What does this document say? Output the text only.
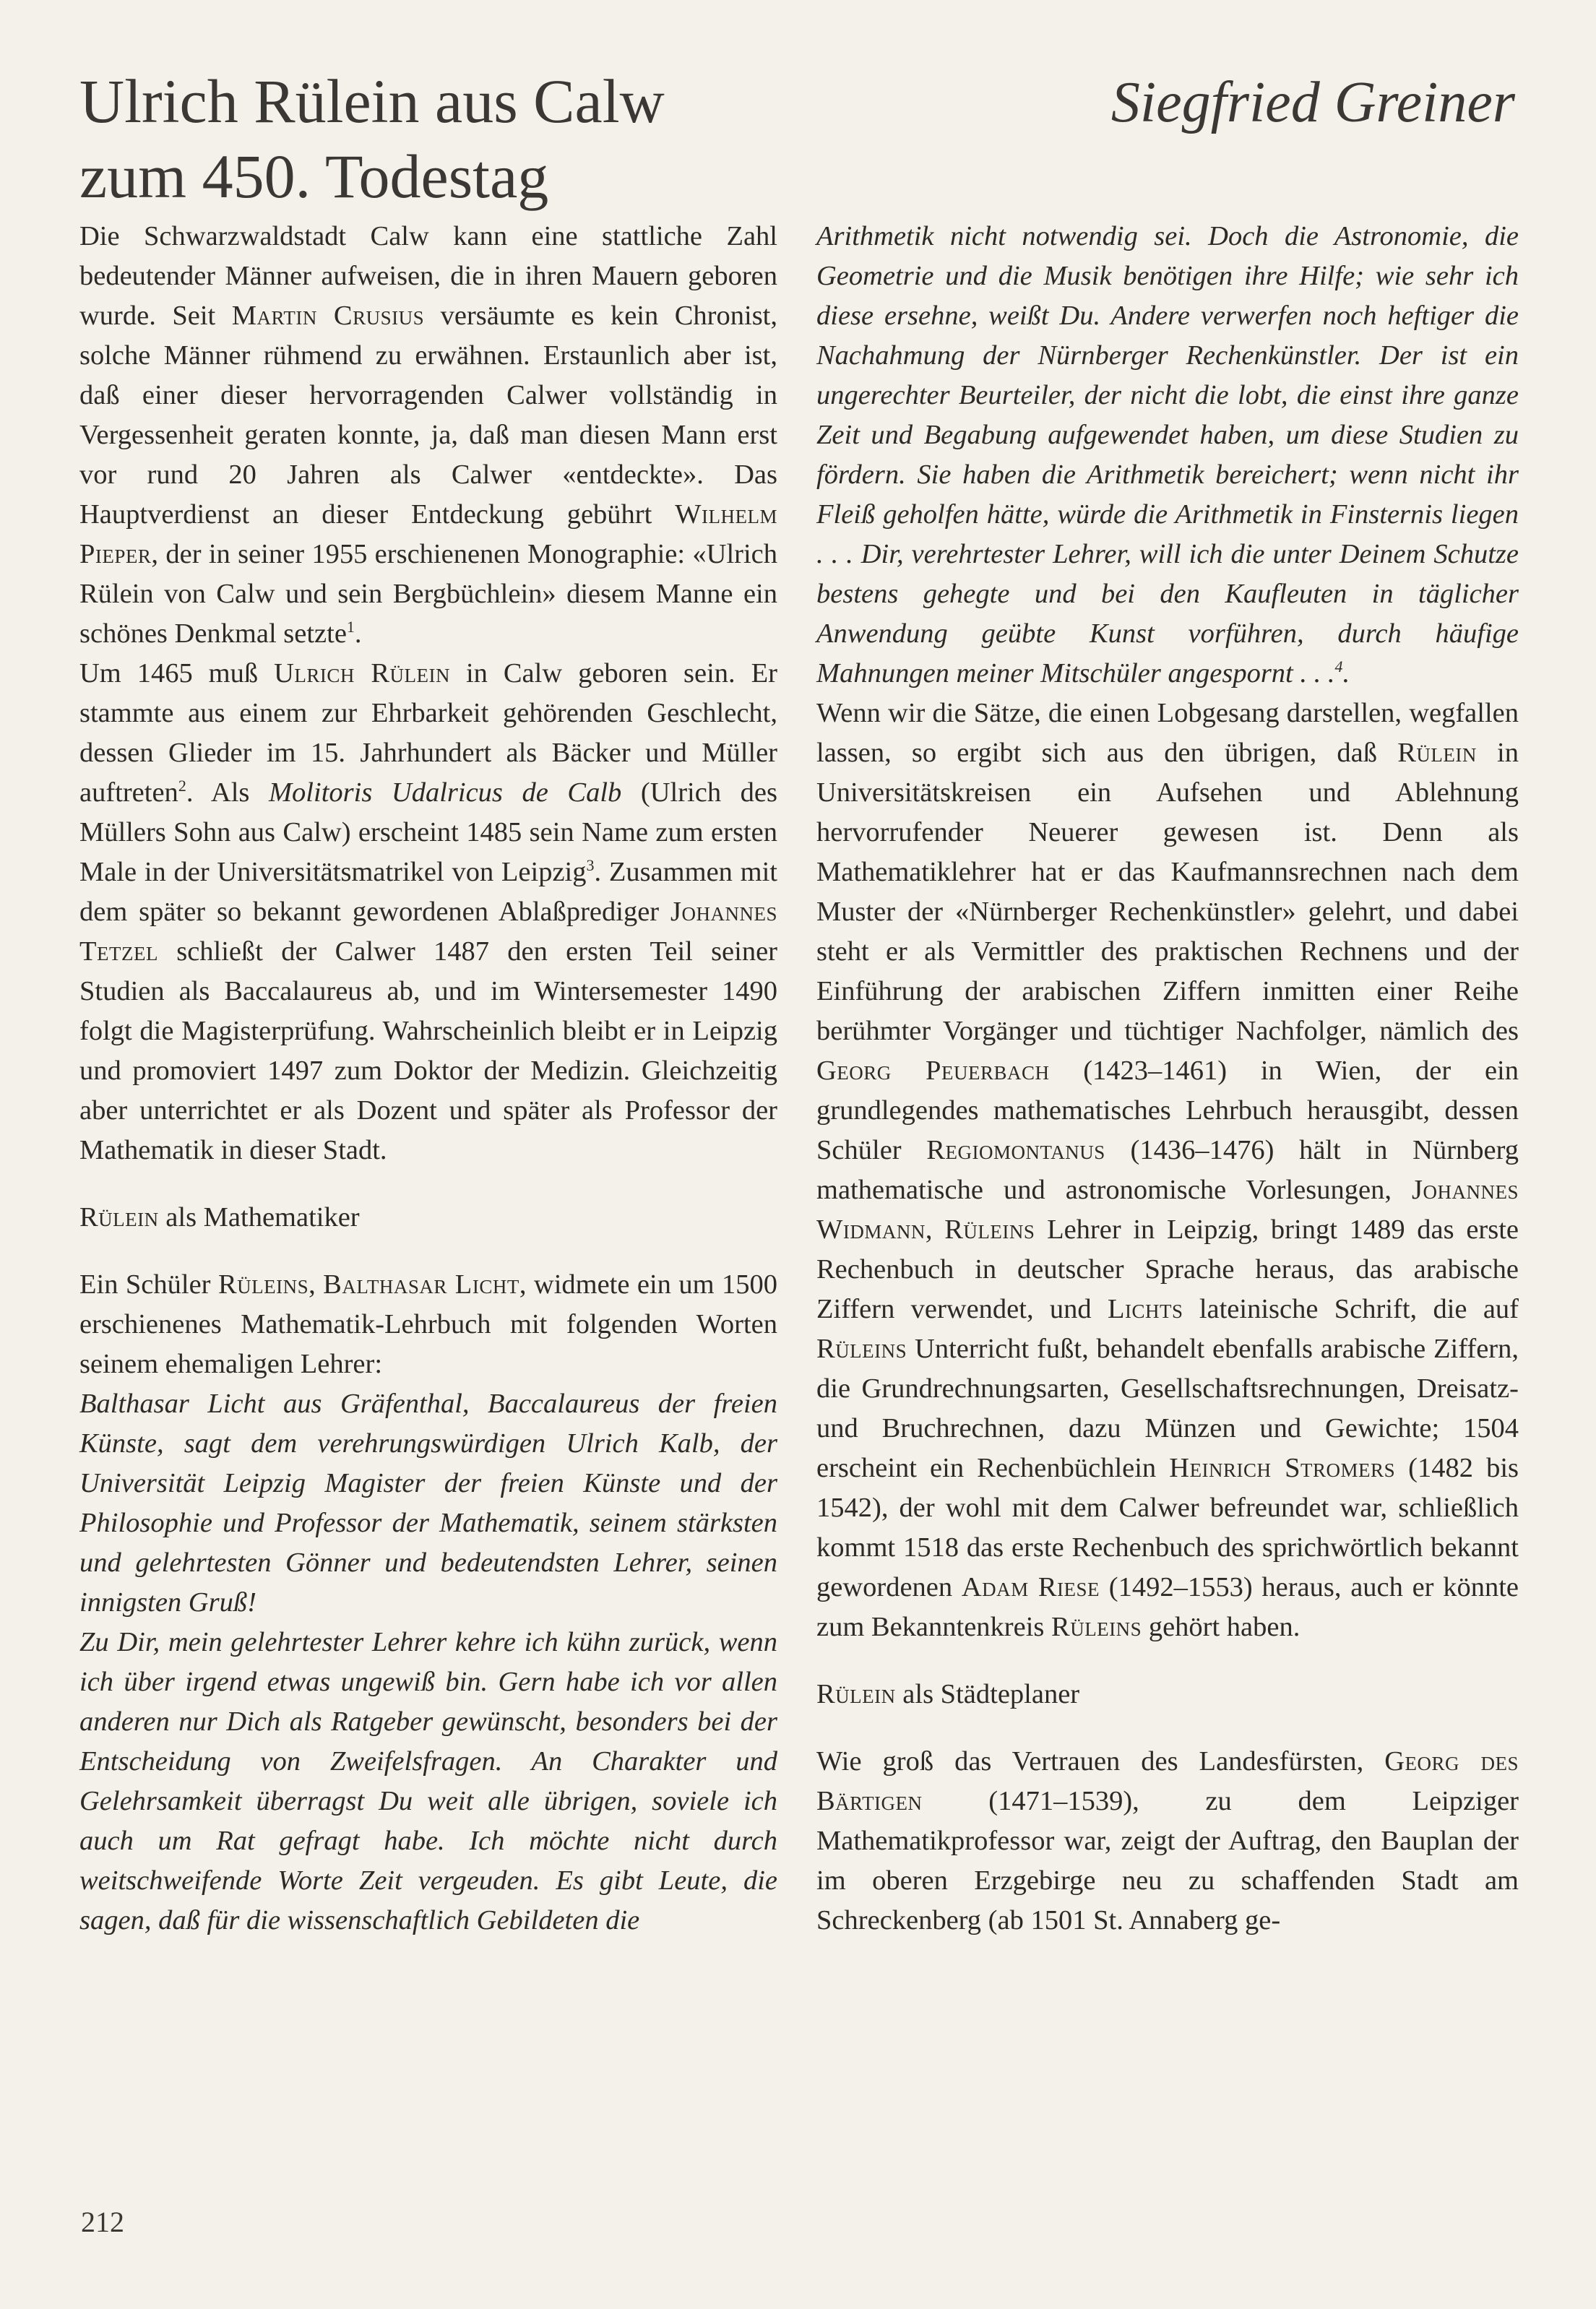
Ulrich Rülein aus Calw
zum 450. Todestag
Siegfried Greiner

Die Schwarzwaldstadt Calw kann eine stattliche Zahl bedeutender Männer aufweisen, die in ihren Mauern geboren wurde. Seit Martin Crusius versäumte es kein Chronist, solche Männer rühmend zu erwähnen. Erstaunlich aber ist, daß einer dieser hervorragenden Calwer vollständig in Vergessenheit geraten konnte, ja, daß man diesen Mann erst vor rund 20 Jahren als Calwer «entdeckte». Das Hauptverdienst an dieser Entdeckung gebührt Wilhelm Pieper, der in seiner 1955 erschienenen Monographie: «Ulrich Rülein von Calw und sein Bergbüchlein» diesem Manne ein schönes Denkmal setzte$^1$.

Um 1465 muß Ulrich Rülein in Calw geboren sein. Er stammte aus einem zur Ehrbarkeit gehörenden Geschlecht, dessen Glieder im 15. Jahrhundert als Bäcker und Müller auftreten$^2$. Als Molitoris Udalricus de Calb (Ulrich des Müllers Sohn aus Calw) erscheint 1485 sein Name zum ersten Male in der Universitätsmatrikel von Leipzig$^3$. Zusammen mit dem später so bekannt gewordenen Ablaßprediger Johannes Tetzel schließt der Calwer 1487 den ersten Teil seiner Studien als Baccalaureus ab, und im Wintersemester 1490 folgt die Magisterprüfung. Wahrscheinlich bleibt er in Leipzig und promoviert 1497 zum Doktor der Medizin. Gleichzeitig aber unterrichtet er als Dozent und später als Professor der Mathematik in dieser Stadt.

Rülein als Mathematiker

Ein Schüler Rüleins, Balthasar Licht, widmete ein um 1500 erschienenes Mathematik-Lehrbuch mit folgenden Worten seinem ehemaligen Lehrer:

Balthasar Licht aus Gräfenthal, Baccalaureus der freien Künste, sagt dem verehrungswürdigen Ulrich Kalb, der Universität Leipzig Magister der freien Künste und der Philosophie und Professor der Mathematik, seinem stärksten und gelehrtesten Gönner und bedeutendsten Lehrer, seinen innigsten Gruß!

Zu Dir, mein gelehrtester Lehrer kehre ich kühn zurück, wenn ich über irgend etwas ungewiß bin. Gern habe ich vor allen anderen nur Dich als Ratgeber gewünscht, besonders bei der Entscheidung von Zweifelsfragen. An Charakter und Gelehrsamkeit überragst Du weit alle übrigen, soviele ich auch um Rat gefragt habe. Ich möchte nicht durch weitschweifende Worte Zeit vergeuden. Es gibt Leute, die sagen, daß für die wissenschaftlich Gebildeten die

Arithmetik nicht notwendig sei. Doch die Astronomie, die Geometrie und die Musik benötigen ihre Hilfe; wie sehr ich diese ersehne, weißt Du. Andere verwerfen noch heftiger die Nachahmung der Nürnberger Rechenkünstler. Der ist ein ungerechter Beurteiler, der nicht die lobt, die einst ihre ganze Zeit und Begabung aufgewendet haben, um diese Studien zu fördern. Sie haben die Arithmetik bereichert; wenn nicht ihr Fleiß geholfen hätte, würde die Arithmetik in Finsternis liegen . . . Dir, verehrtester Lehrer, will ich die unter Deinem Schutze bestens gehegte und bei den Kaufleuten in täglicher Anwendung geübte Kunst vorführen, durch häufige Mahnungen meiner Mitschüler angespornt . . .$^4$.

Wenn wir die Sätze, die einen Lobgesang darstellen, wegfallen lassen, so ergibt sich aus den übrigen, daß Rülein in Universitätskreisen ein Aufsehen und Ablehnung hervorrufender Neuerer gewesen ist. Denn als Mathematiklehrer hat er das Kaufmannsrechnen nach dem Muster der «Nürnberger Rechenkünstler» gelehrt, und dabei steht er als Vermittler des praktischen Rechnens und der Einführung der arabischen Ziffern inmitten einer Reihe berühmter Vorgänger und tüchtiger Nachfolger, nämlich des Georg Peuerbach (1423–1461) in Wien, der ein grundlegendes mathematisches Lehrbuch herausgibt, dessen Schüler Regiomontanus (1436–1476) hält in Nürnberg mathematische und astronomische Vorlesungen, Johannes Widmann, Rüleins Lehrer in Leipzig, bringt 1489 das erste Rechenbuch in deutscher Sprache heraus, das arabische Ziffern verwendet, und Lichts lateinische Schrift, die auf Rüleins Unterricht fußt, behandelt ebenfalls arabische Ziffern, die Grundrechnungsarten, Gesellschaftsrechnungen, Dreisatz- und Bruchrechnen, dazu Münzen und Gewichte; 1504 erscheint ein Rechenbüchlein Heinrich Stromers (1482 bis 1542), der wohl mit dem Calwer befreundet war, schließlich kommt 1518 das erste Rechenbuch des sprichwörtlich bekannt gewordenen Adam Riese (1492–1553) heraus, auch er könnte zum Bekanntenkreis Rüleins gehört haben.

Rülein als Städteplaner

Wie groß das Vertrauen des Landesfürsten, Georg des Bärtigen (1471–1539), zu dem Leipziger Mathematikprofessor war, zeigt der Auftrag, den Bauplan der im oberen Erzgebirge neu zu schaffenden Stadt am Schreckenberg (ab 1501 St. Annaberg ge-

212
